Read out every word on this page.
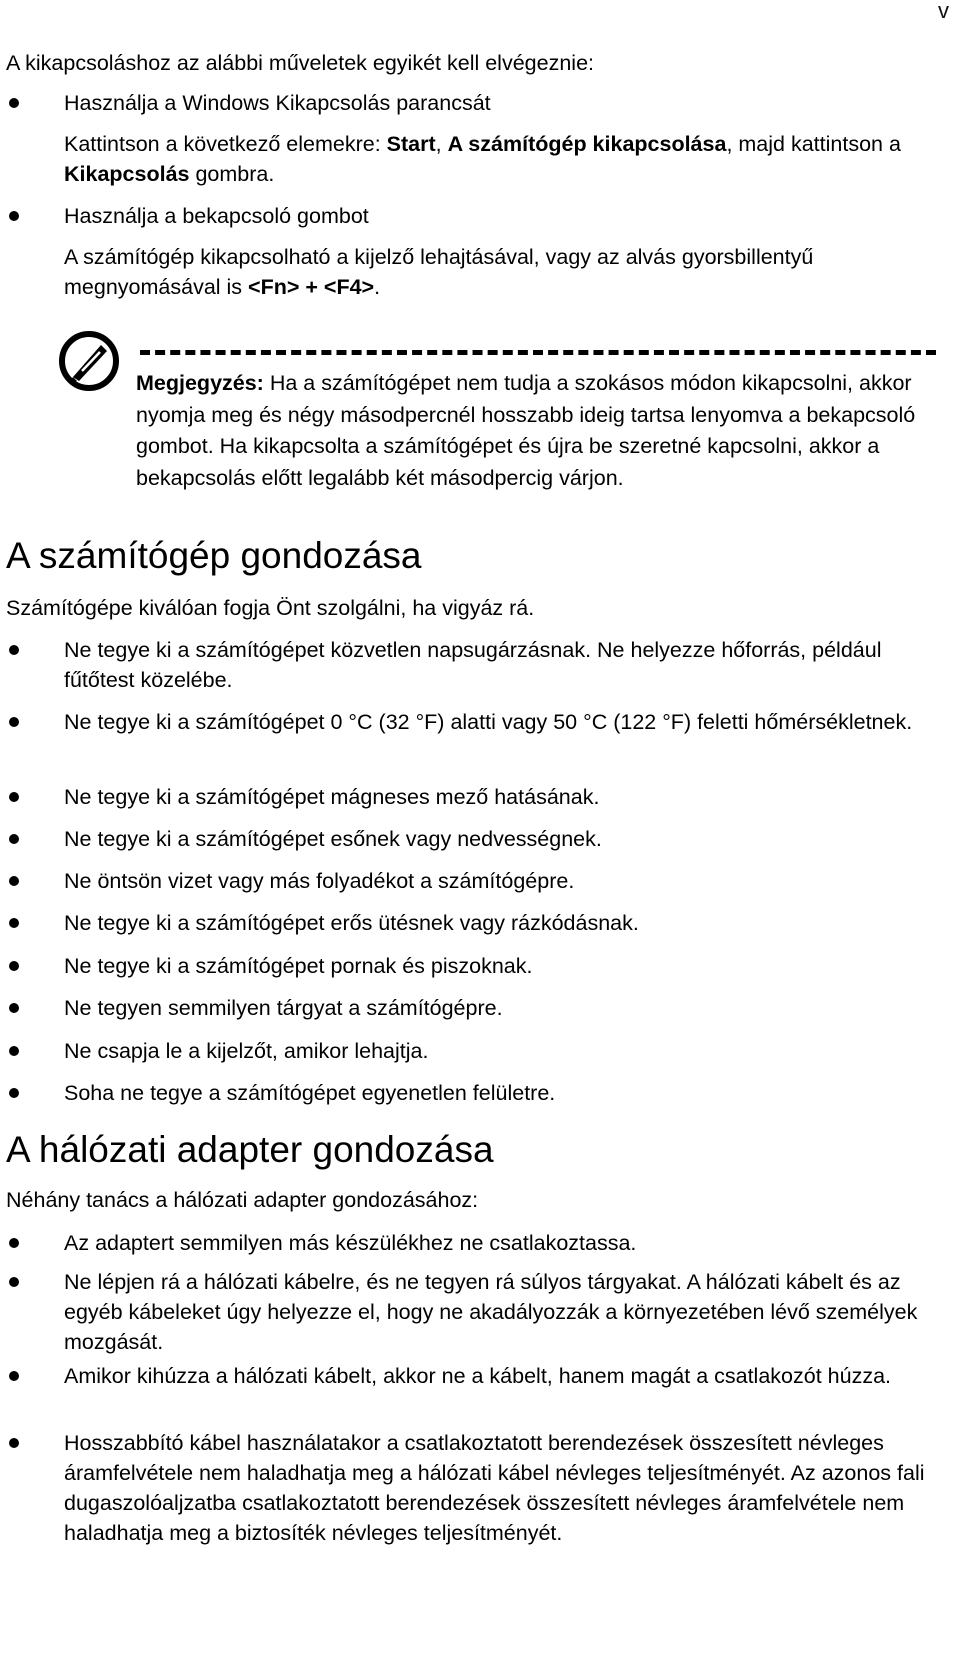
v
A kikapcsoláshoz az alábbi műveletek egyikét kell elvégeznie:
Használja a Windows Kikapcsolás parancsát
Kattintson a következő elemekre: Start, A számítógép kikapcsolása, majd kattintson a Kikapcsolás gombra.
Használja a bekapcsoló gombot
A számítógép kikapcsolható a kijelző lehajtásával, vagy az alvás gyorsbillentyű megnyomásával is <Fn> + <F4>.
Megjegyzés: Ha a számítógépet nem tudja a szokásos módon kikapcsolni, akkor nyomja meg és négy másodpercnél hosszabb ideig tartsa lenyomva a bekapcsoló gombot. Ha kikapcsolta a számítógépet és újra be szeretné kapcsolni, akkor a bekapcsolás előtt legalább két másodpercig várjon.
A számítógép gondozása
Számítógépe kiválóan fogja Önt szolgálni, ha vigyáz rá.
Ne tegye ki a számítógépet közvetlen napsugárzásnak. Ne helyezze hőforrás, például fűtőtest közelébe.
Ne tegye ki a számítógépet 0 °C (32 °F) alatti vagy 50 °C (122 °F) feletti hőmérsékletnek.
Ne tegye ki a számítógépet mágneses mező hatásának.
Ne tegye ki a számítógépet esőnek vagy nedvességnek.
Ne öntsön vizet vagy más folyadékot a számítógépre.
Ne tegye ki a számítógépet erős ütésnek vagy rázkódásnak.
Ne tegye ki a számítógépet pornak és piszoknak.
Ne tegyen semmilyen tárgyat a számítógépre.
Ne csapja le a kijelzőt, amikor lehajtja.
Soha ne tegye a számítógépet egyenetlen felületre.
A hálózati adapter gondozása
Néhány tanács a hálózati adapter gondozásához:
Az adaptert semmilyen más készülékhez ne csatlakoztassa.
Ne lépjen rá a hálózati kábelre, és ne tegyen rá súlyos tárgyakat. A hálózati kábelt és az egyéb kábeleket úgy helyezze el, hogy ne akadályozzák a környezetében lévő személyek mozgását.
Amikor kihúzza a hálózati kábelt, akkor ne a kábelt, hanem magát a csatlakozót húzza.
Hosszabbító kábel használatakor a csatlakoztatott berendezések összesített névleges áramfelvétele nem haladhatja meg a hálózati kábel névleges teljesítményét. Az azonos fali dugaszolóaljzatba csatlakoztatott berendezések összesített névleges áramfelvétele nem haladhatja meg a biztosíték névleges teljesítményét.
